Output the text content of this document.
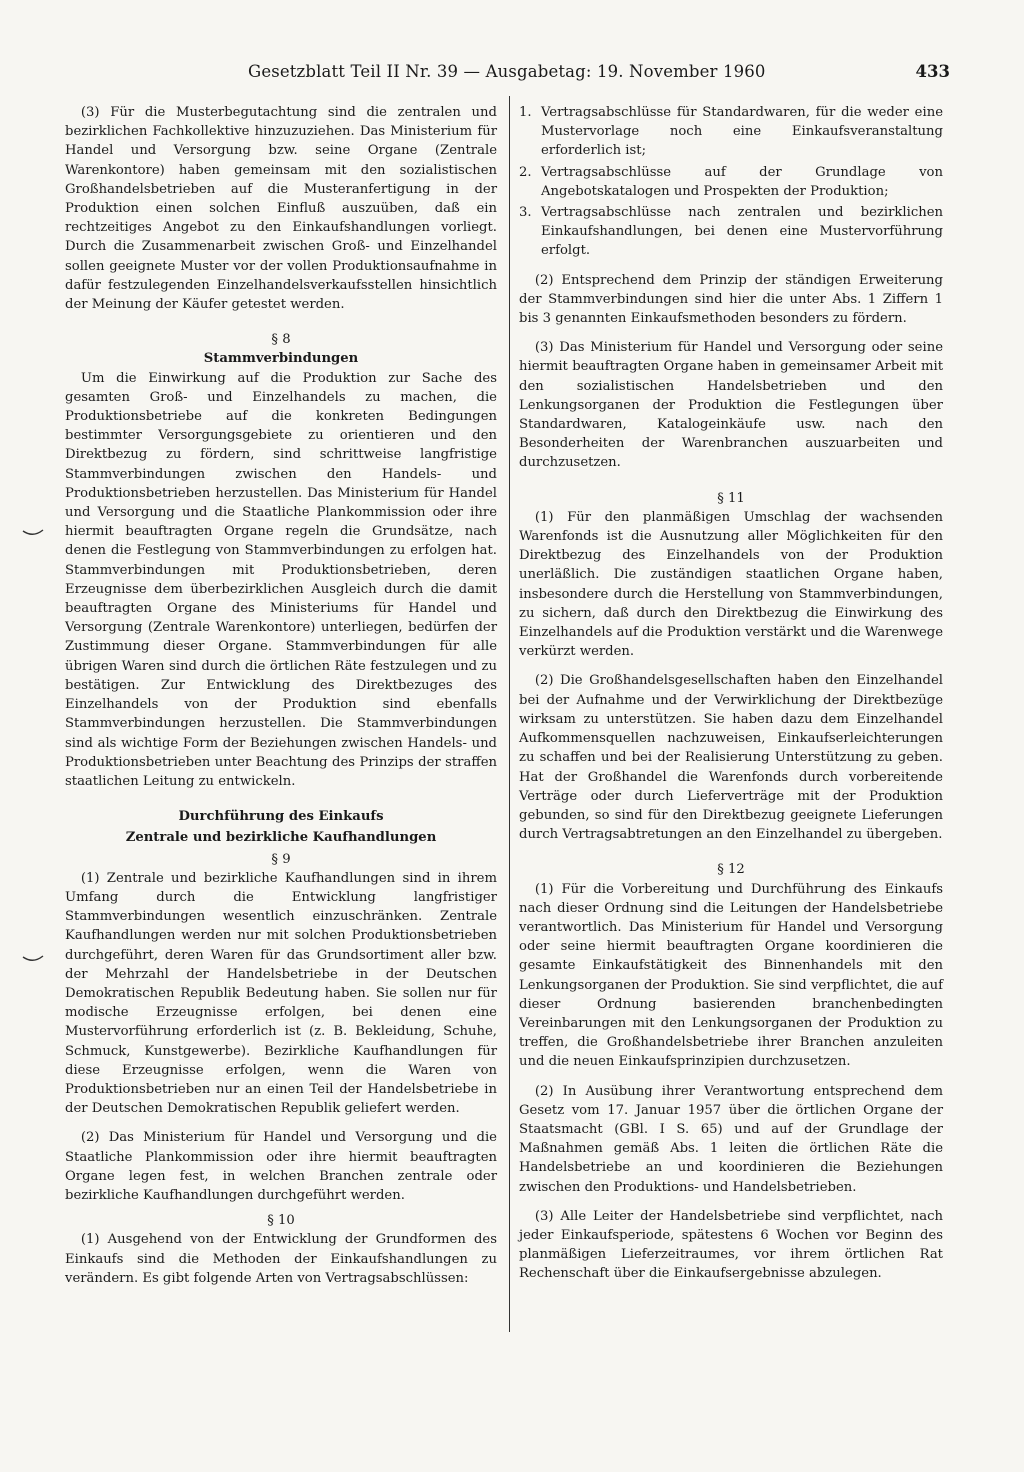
Gesetzblatt Teil II Nr. 39 — Ausgabetag: 19. November 1960	433

(3) Für die Musterbegutachtung sind die zentralen und bezirklichen Fachkollektive hinzuzuziehen. Das Ministerium für Handel und Versorgung bzw. seine Organe (Zentrale Warenkontore) haben gemeinsam mit den sozialistischen Großhandelsbetrieben auf die Musteranfertigung in der Produktion einen solchen Einfluß auszuüben, daß ein rechtzeitiges Angebot zu den Einkaufshandlungen vorliegt. Durch die Zusammenarbeit zwischen Groß- und Einzelhandel sollen geeignete Muster vor der vollen Produktionsaufnahme in dafür festzulegenden Einzelhandelsverkaufsstellen hinsichtlich der Meinung der Käufer getestet werden.

§ 8

Stammverbindungen

Um die Einwirkung auf die Produktion zur Sache des gesamten Groß- und Einzelhandels zu machen, die Produktionsbetriebe auf die konkreten Bedingungen bestimmter Versorgungsgebiete zu orientieren und den Direktbezug zu fördern, sind schrittweise langfristige Stammverbindungen zwischen den Handels- und Produktionsbetrieben herzustellen. Das Ministerium für Handel und Versorgung und die Staatliche Plankommission oder ihre hiermit beauftragten Organe regeln die Grundsätze, nach denen die Festlegung von Stammverbindungen zu erfolgen hat. Stammverbindungen mit Produktionsbetrieben, deren Erzeugnisse dem überbezirklichen Ausgleich durch die damit beauftragten Organe des Ministeriums für Handel und Versorgung (Zentrale Warenkontore) unterliegen, bedürfen der Zustimmung dieser Organe. Stammverbindungen für alle übrigen Waren sind durch die örtlichen Räte festzulegen und zu bestätigen. Zur Entwicklung des Direktbezuges des Einzelhandels von der Produktion sind ebenfalls Stammverbindungen herzustellen. Die Stammverbindungen sind als wichtige Form der Beziehungen zwischen Handels- und Produktionsbetrieben unter Beachtung des Prinzips der straffen staatlichen Leitung zu entwickeln.

Durchführung des Einkaufs

Zentrale und bezirkliche Kaufhandlungen

§ 9

(1) Zentrale und bezirkliche Kaufhandlungen sind in ihrem Umfang durch die Entwicklung langfristiger Stammverbindungen wesentlich einzuschränken. Zentrale Kaufhandlungen werden nur mit solchen Produktionsbetrieben durchgeführt, deren Waren für das Grundsortiment aller bzw. der Mehrzahl der Handelsbetriebe in der Deutschen Demokratischen Republik Bedeutung haben. Sie sollen nur für modische Erzeugnisse erfolgen, bei denen eine Mustervorführung erforderlich ist (z. B. Bekleidung, Schuhe, Schmuck, Kunstgewerbe). Bezirkliche Kaufhandlungen für diese Erzeugnisse erfolgen, wenn die Waren von Produktionsbetrieben nur an einen Teil der Handelsbetriebe in der Deutschen Demokratischen Republik geliefert werden.

(2) Das Ministerium für Handel und Versorgung und die Staatliche Plankommission oder ihre hiermit beauftragten Organe legen fest, in welchen Branchen zentrale oder bezirkliche Kaufhandlungen durchgeführt werden.

§ 10

(1) Ausgehend von der Entwicklung der Grundformen des Einkaufs sind die Methoden der Einkaufshandlungen zu verändern. Es gibt folgende Arten von Vertragsabschlüssen:

1. Vertragsabschlüsse für Standardwaren, für die weder eine Mustervorlage noch eine Einkaufsveranstaltung erforderlich ist;
2. Vertragsabschlüsse auf der Grundlage von Angebotskatalogen und Prospekten der Produktion;
3. Vertragsabschlüsse nach zentralen und bezirklichen Einkaufshandlungen, bei denen eine Mustervorführung erfolgt.

(2) Entsprechend dem Prinzip der ständigen Erweiterung der Stammverbindungen sind hier die unter Abs. 1 Ziffern 1 bis 3 genannten Einkaufsmethoden besonders zu fördern.

(3) Das Ministerium für Handel und Versorgung oder seine hiermit beauftragten Organe haben in gemeinsamer Arbeit mit den sozialistischen Handelsbetrieben und den Lenkungsorganen der Produktion die Festlegungen über Standardwaren, Katalogeinkäufe usw. nach den Besonderheiten der Warenbranchen auszuarbeiten und durchzusetzen.

§ 11

(1) Für den planmäßigen Umschlag der wachsenden Warenfonds ist die Ausnutzung aller Möglichkeiten für den Direktbezug des Einzelhandels von der Produktion unerläßlich. Die zuständigen staatlichen Organe haben, insbesondere durch die Herstellung von Stammverbindungen, zu sichern, daß durch den Direktbezug die Einwirkung des Einzelhandels auf die Produktion verstärkt und die Warenwege verkürzt werden.

(2) Die Großhandelsgesellschaften haben den Einzelhandel bei der Aufnahme und der Verwirklichung der Direktbezüge wirksam zu unterstützen. Sie haben dazu dem Einzelhandel Aufkommensquellen nachzuweisen, Einkaufserleichterungen zu schaffen und bei der Realisierung Unterstützung zu geben. Hat der Großhandel die Warenfonds durch vorbereitende Verträge oder durch Lieferverträge mit der Produktion gebunden, so sind für den Direktbezug geeignete Lieferungen durch Vertragsabtretungen an den Einzelhandel zu übergeben.

§ 12

(1) Für die Vorbereitung und Durchführung des Einkaufs nach dieser Ordnung sind die Leitungen der Handelsbetriebe verantwortlich. Das Ministerium für Handel und Versorgung oder seine hiermit beauftragten Organe koordinieren die gesamte Einkaufstätigkeit des Binnenhandels mit den Lenkungsorganen der Produktion. Sie sind verpflichtet, die auf dieser Ordnung basierenden branchenbedingten Vereinbarungen mit den Lenkungsorganen der Produktion zu treffen, die Großhandelsbetriebe ihrer Branchen anzuleiten und die neuen Einkaufsprinzipien durchzusetzen.

(2) In Ausübung ihrer Verantwortung entsprechend dem Gesetz vom 17. Januar 1957 über die örtlichen Organe der Staatsmacht (GBl. I S. 65) und auf der Grundlage der Maßnahmen gemäß Abs. 1 leiten die örtlichen Räte die Handelsbetriebe an und koordinieren die Beziehungen zwischen den Produktions- und Handelsbetrieben.

(3) Alle Leiter der Handelsbetriebe sind verpflichtet, nach jeder Einkaufsperiode, spätestens 6 Wochen vor Beginn des planmäßigen Lieferzeitraumes, vor ihrem örtlichen Rat Rechenschaft über die Einkaufsergebnisse abzulegen.
